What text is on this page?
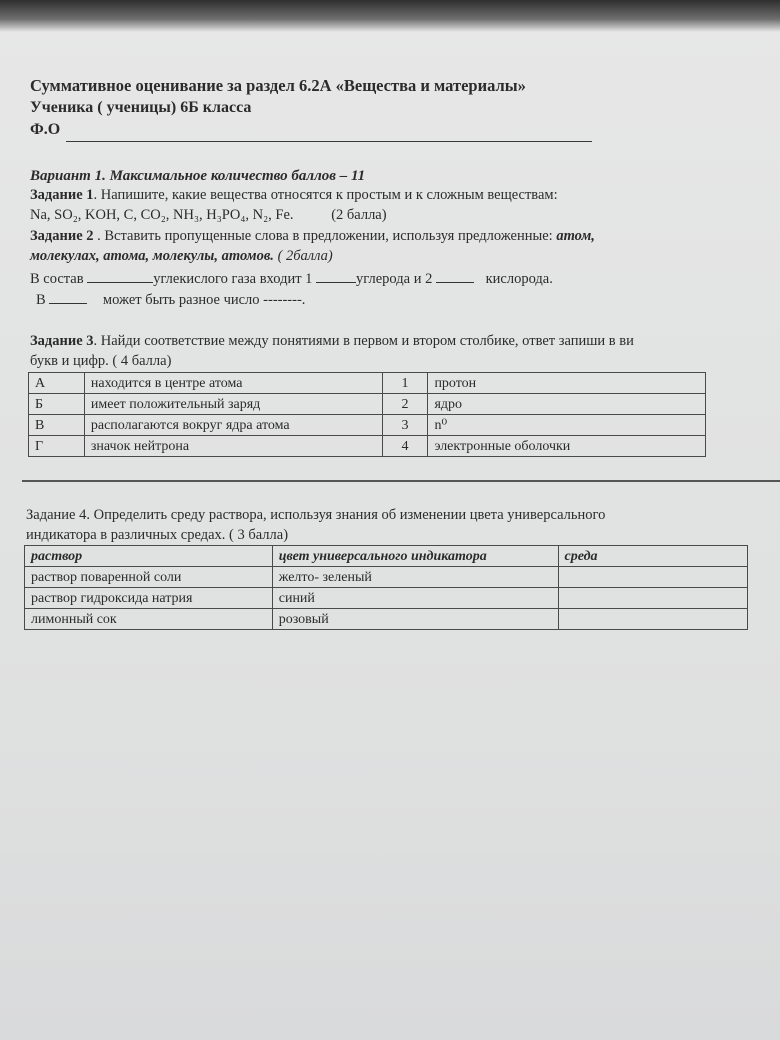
Суммативное оценивание за раздел 6.2А «Вещества и материалы»
Ученика ( ученицы) 6Б класса
Ф.О
Вариант 1. Максимальное количество баллов – 11
Задание 1. Напишите, какие вещества относятся к простым и к сложным веществам:
Na, SO₂, KOH, C, CO₂, NH₃, H₃PO₄, N₂, Fe.	(2 балла)
Задание 2 . Вставить пропущенные слова в предложении, используя предложенные: атом,
молекулах, атома, молекулы, атомов. ( 2балла)
В состав	углекислого газа входит 1	углерода и 2	кислорода.
В	может быть разное число --------.
Задание 3. Найди соответствие между понятиями в первом и втором столбике, ответ запиши в ви
букв и цифр. ( 4 балла)
А	находится в центре атома	1	протон
Б	имеет положительный заряд	2	ядро
В	располагаются вокруг ядра атома	3	n⁰
Г	значок нейтрона	4	электронные оболочки
Задание 4. Определить среду раствора, используя знания об изменении цвета универсального
индикатора в различных средах. ( 3 балла)
раствор	цвет универсального индикатора	среда
раствор поваренной соли	желто- зеленый	
раствор гидроксида натрия	синий	
лимонный сок	розовый	
